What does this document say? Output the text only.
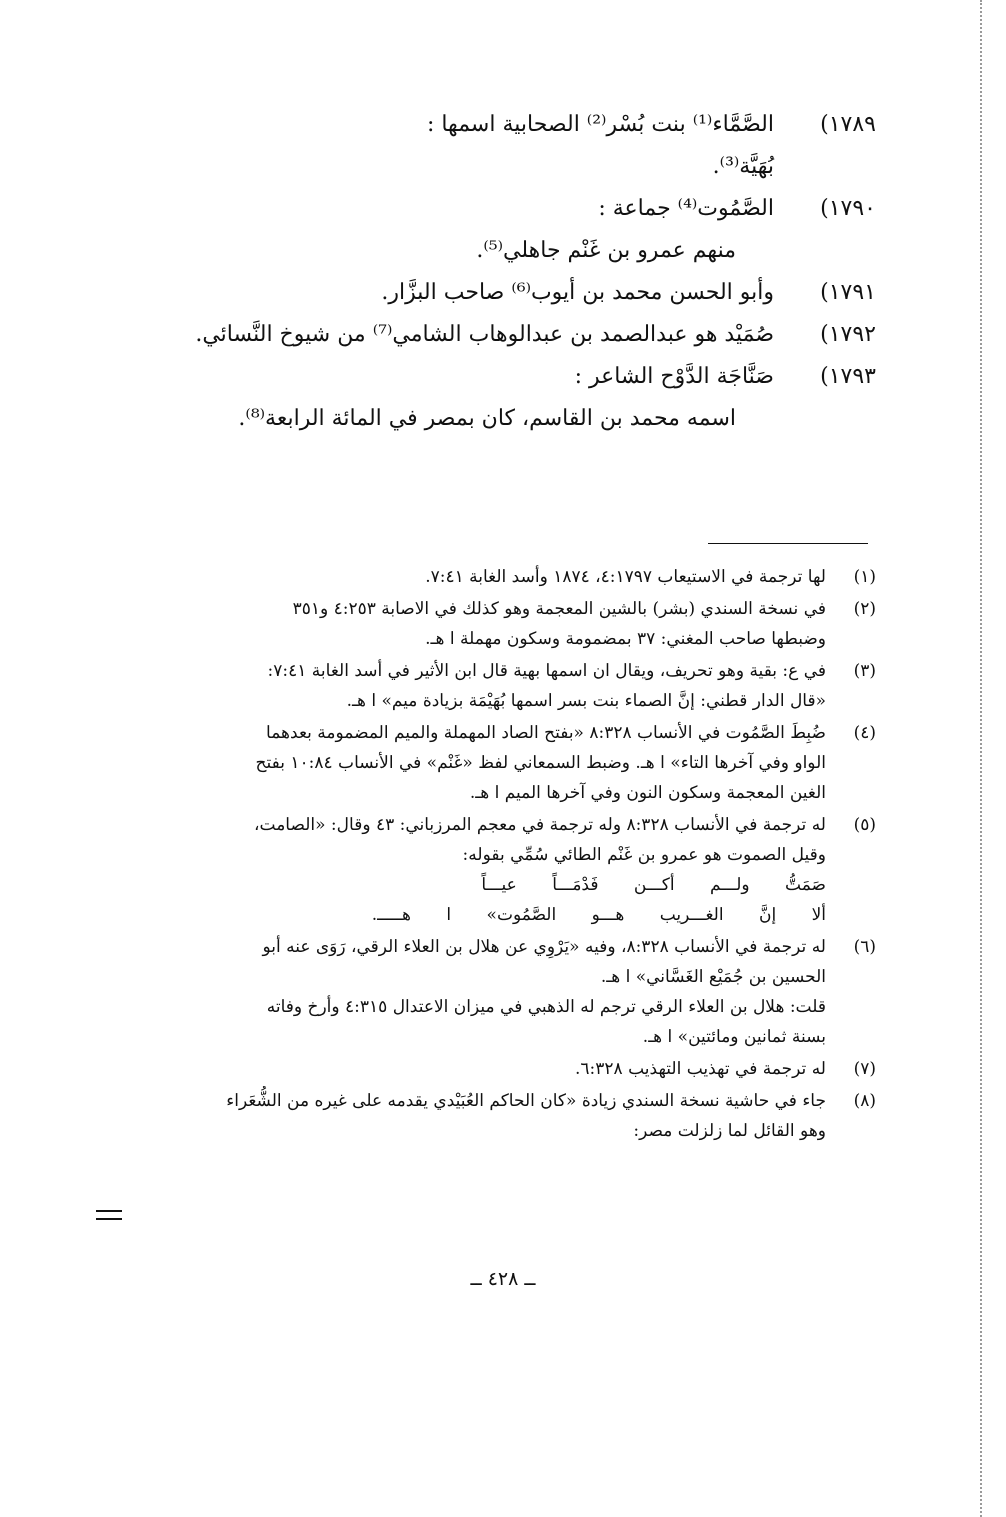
١٧٨٩)
الصَّمَّاء⁽¹⁾ بنت بُسْر⁽²⁾ الصحابية اسمها :
بُهَيَّة⁽³⁾.
١٧٩٠)
الصَّمُوت⁽⁴⁾ جماعة :
منهم عمرو بن غَنْم جاهلي⁽⁵⁾.
١٧٩١)
وأبو الحسن محمد بن أيوب⁽⁶⁾ صاحب البزَّار.
١٧٩٢)
صُمَيْد هو عبدالصمد بن عبدالوهاب الشامي⁽⁷⁾ من شيوخ النَّسائي.
١٧٩٣)
صَنَّاجَة الدَّوْح الشاعر :
اسمه محمد بن القاسم، كان بمصر في المائة الرابعة⁽⁸⁾.
(١)
لها ترجمة في الاستيعاب ٤:١٧٩٧، ١٨٧٤ وأسد الغابة ٧:٤١.
(٢)
في نسخة السندي (بشر) بالشين المعجمة وهو كذلك في الاصابة ٤:٢٥٣ و٣٥١
وضبطها صاحب المغني: ٣٧ بمضمومة وسكون مهملة ا هـ.
(٣)
في ع: بقية وهو تحريف، ويقال ان اسمها بهية قال ابن الأثير في أسد الغابة ٧:٤١:
«قال الدار قطني: إنَّ الصماء بنت بسر اسمها بُهَيْمَة بزيادة ميم» ا هـ.
(٤)
ضُبِطَ الصَّمُوت في الأنساب ٨:٣٢٨ «بفتح الصاد المهملة والميم المضمومة بعدهما
الواو وفي آخرها التاء» ا هـ. وضبط السمعاني لفظ «غَنْم» في الأنساب ١٠:٨٤ بفتح
الغين المعجمة وسكون النون وفي آخرها الميم ا هـ.
(٥)
له ترجمة في الأنساب ٨:٣٢٨ وله ترجمة في معجم المرزباني: ٤٣ وقال: «الصامت،
وقيل الصموت هو عمرو بن غَنْم الطائي سُمِّي بقوله:
صَمَتُّ ولـــم أكـــن فَدْمَـــاً عيـــاً
ألا إنَّ الغـــريب هـــو الصَّمُوت» ا هـــــ.
(٦)
له ترجمة في الأنساب ٨:٣٢٨، وفيه «يَرْوِي عن هلال بن العلاء الرقي، رَوَى عنه أبو
الحسين بن جُمَيْع الغَسَّاني» ا هـ.
قلت: هلال بن العلاء الرقي ترجم له الذهبي في ميزان الاعتدال ٤:٣١٥ وأرخ وفاته
بسنة ثمانين ومائتين» ا هـ.
(٧)
له ترجمة في تهذيب التهذيب ٦:٣٢٨.
(٨)
جاء في حاشية نسخة السندي زيادة «كان الحاكم العُبَيْدي يقدمه على غيره من الشُّعَراء
وهو القائل لما زلزلت مصر:
ــ ٤٢٨ ــ
